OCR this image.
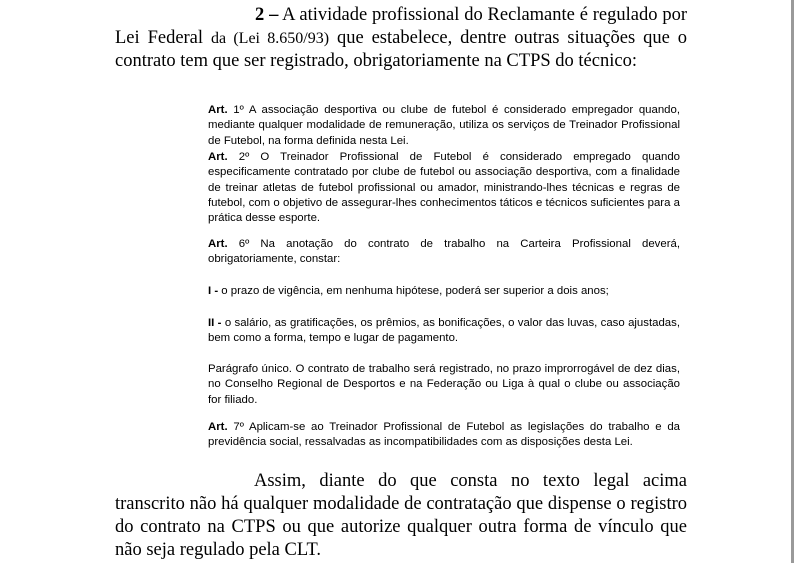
2 – A atividade profissional do Reclamante é regulado por Lei Federal da (Lei 8.650/93) que estabelece, dentre outras situações que o contrato tem que ser registrado, obrigatoriamente na CTPS do técnico:

Art. 1º A associação desportiva ou clube de futebol é considerado empregador quando, mediante qualquer modalidade de remuneração, utiliza os serviços de Treinador Profissional de Futebol, na forma definida nesta Lei.

Art. 2º O Treinador Profissional de Futebol é considerado empregado quando especificamente contratado por clube de futebol ou associação desportiva, com a finalidade de treinar atletas de futebol profissional ou amador, ministrando-lhes técnicas e regras de futebol, com o objetivo de assegurar-lhes conhecimentos táticos e técnicos suficientes para a prática desse esporte.

Art. 6º Na anotação do contrato de trabalho na Carteira Profissional deverá, obrigatoriamente, constar:

I - o prazo de vigência, em nenhuma hipótese, poderá ser superior a dois anos;

II - o salário, as gratificações, os prêmios, as bonificações, o valor das luvas, caso ajustadas, bem como a forma, tempo e lugar de pagamento.

Parágrafo único. O contrato de trabalho será registrado, no prazo improrrogável de dez dias, no Conselho Regional de Desportos e na Federação ou Liga à qual o clube ou associação for filiado.

Art. 7º Aplicam-se ao Treinador Profissional de Futebol as legislações do trabalho e da previdência social, ressalvadas as incompatibilidades com as disposições desta Lei.

Assim, diante do que consta no texto legal acima transcrito não há qualquer modalidade de contratação que dispense o registro do contrato na CTPS ou que autorize qualquer outra forma de vínculo que não seja regulado pela CLT.
